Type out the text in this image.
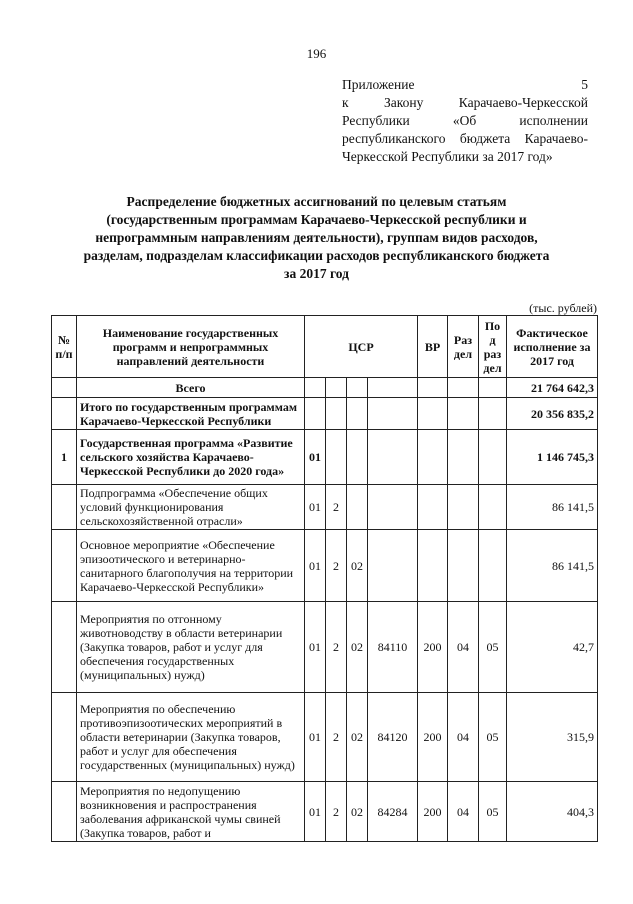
196
Приложение 5
к Закону Карачаево-Черкесской
Республики «Об исполнении
республиканского бюджета Карачаево-
Черкесской Республики за 2017 год»
Распределение бюджетных ассигнований по целевым статьям
(государственным программам Карачаево-Черкесской республики и
непрограммным направлениям деятельности), группам видов расходов,
разделам, подразделам классификации расходов республиканского бюджета
за 2017 год
(тыс. рублей)
№ п/п	Наименование государственных программ и непрограммных направлений деятельности	ЦСР				ВР	Раз дел	По д раз дел	Фактическое исполнение за 2017 год
	Всего								21 764 642,3
	Итого по государственным программам Карачаево-Черкесской Республики								20 356 835,2
1	Государственная программа «Развитие сельского хозяйства Карачаево-Черкесской Республики до 2020 года»	01							1 146 745,3
	Подпрограмма «Обеспечение общих условий функционирования сельскохозяйственной отрасли»	01	2						86 141,5
	Основное мероприятие «Обеспечение эпизоотического и ветеринарно-санитарного благополучия на территории Карачаево-Черкесской Республики»	01	2	02					86 141,5
	Мероприятия по отгонному животноводству в области ветеринарии (Закупка товаров, работ и услуг для обеспечения государственных (муниципальных) нужд)	01	2	02	84110	200	04	05	42,7
	Мероприятия по обеспечению противоэпизоотических мероприятий в области ветеринарии (Закупка товаров, работ и услуг для обеспечения государственных (муниципальных) нужд)	01	2	02	84120	200	04	05	315,9
	Мероприятия по недопущению возникновения и распространения заболевания африканской чумы свиней (Закупка товаров, работ и	01	2	02	84284	200	04	05	404,3
